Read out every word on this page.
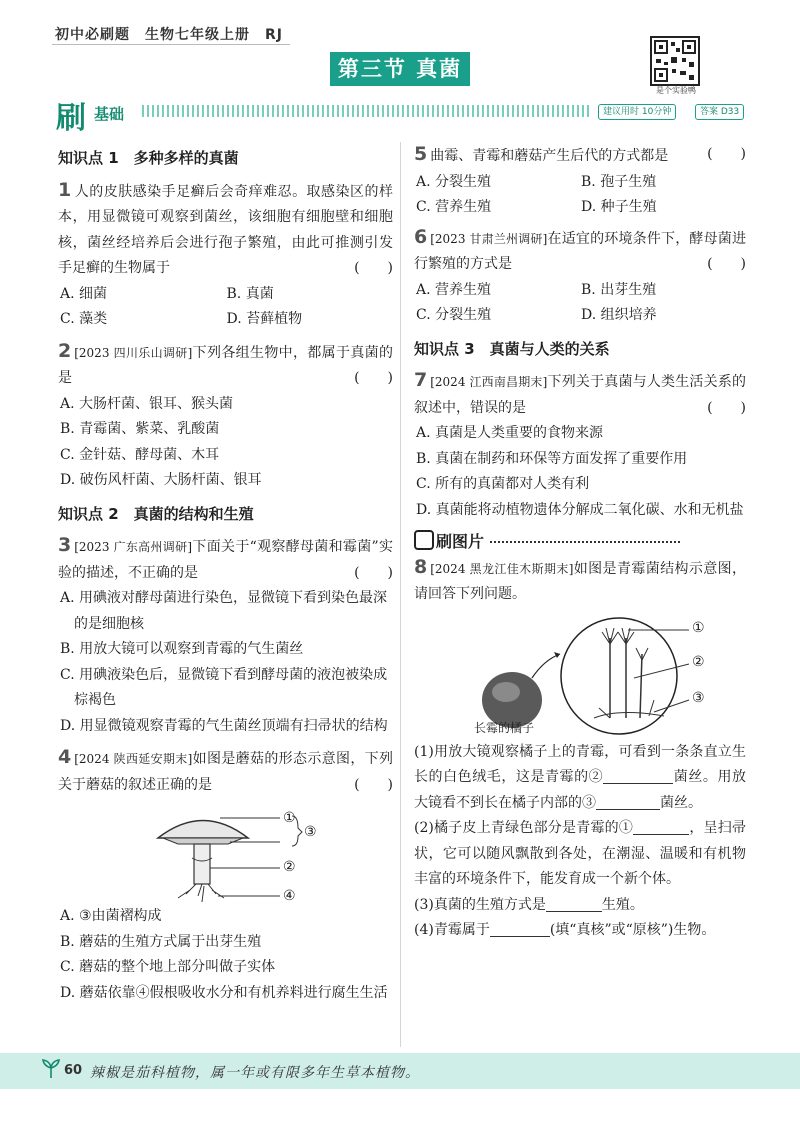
初中必刷题　生物七年级上册　RJ
第三节 真菌
是个实验鸭
刷 基础	建议用时 10分钟	答案 D33
知识点 1　多种多样的真菌
1 人的皮肤感染手足癣后会奇痒难忍。取感染区的样本，用显微镜可观察到菌丝，该细胞有细胞壁和细胞核，菌丝经培养后会进行孢子繁殖，由此可推测引发手足癣的生物属于	(　　)
A. 细菌	B. 真菌
C. 藻类	D. 苔藓植物
2 [2023 四川乐山调研]下列各组生物中，都属于真菌的是	(　　)
A. 大肠杆菌、银耳、猴头菌
B. 青霉菌、紫菜、乳酸菌
C. 金针菇、酵母菌、木耳
D. 破伤风杆菌、大肠杆菌、银耳
知识点 2　真菌的结构和生殖
3 [2023 广东高州调研]下面关于“观察酵母菌和霉菌”实验的描述，不正确的是	(　　)
A. 用碘液对酵母菌进行染色，显微镜下看到染色最深的是细胞核
B. 用放大镜可以观察到青霉的气生菌丝
C. 用碘液染色后，显微镜下看到酵母菌的液泡被染成棕褐色
D. 用显微镜观察青霉的气生菌丝顶端有扫帚状的结构
4 [2024 陕西延安期末]如图是蘑菇的形态示意图，下列关于蘑菇的叙述正确的是	(　　)
①
②
③
④
A. ③由菌褶构成
B. 蘑菇的生殖方式属于出芽生殖
C. 蘑菇的整个地上部分叫做子实体
D. 蘑菇依靠④假根吸收水分和有机养料进行腐生生活
5 曲霉、青霉和蘑菇产生后代的方式都是	(　　)
A. 分裂生殖	B. 孢子生殖
C. 营养生殖	D. 种子生殖
6 [2023 甘肃兰州调研]在适宜的环境条件下，酵母菌进行繁殖的方式是	(　　)
A. 营养生殖	B. 出芽生殖
C. 分裂生殖	D. 组织培养
知识点 3　真菌与人类的关系
7 [2024 江西南昌期末]下列关于真菌与人类生活关系的叙述中，错误的是	(　　)
A. 真菌是人类重要的食物来源
B. 真菌在制药和环保等方面发挥了重要作用
C. 所有的真菌都对人类有利
D. 真菌能将动植物遗体分解成二氧化碳、水和无机盐
刷图片
8 [2024 黑龙江佳木斯期末]如图是青霉菌结构示意图，请回答下列问题。
①
②
③
长霉的橘子
(1)用放大镜观察橘子上的青霉，可看到一条条直立生长的白色绒毛，这是青霉的②	菌丝。用放大镜看不到长在橘子内部的③	菌丝。
(2)橘子皮上青绿色部分是青霉的①	，呈扫帚状，它可以随风飘散到各处，在潮湿、温暖和有机物丰富的环境条件下，能发育成一个新个体。
(3)真菌的生殖方式是	生殖。
(4)青霉属于	(填“真核”或“原核”)生物。
60 辣椒是茄科植物，属一年或有限多年生草本植物。
